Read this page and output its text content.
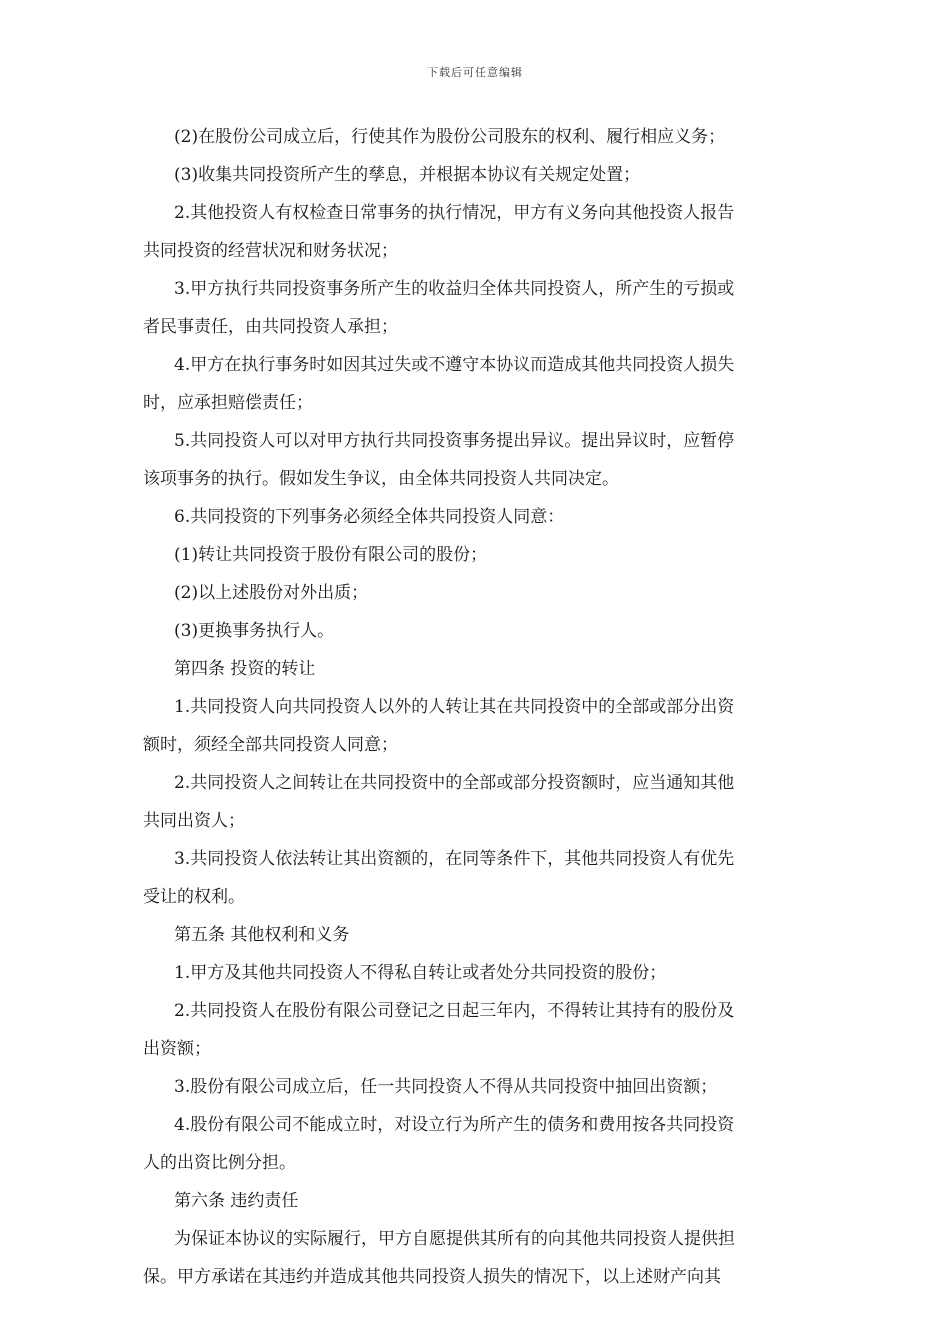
下载后可任意编辑
(2)在股份公司成立后，行使其作为股份公司股东的权利、履行相应义务；
(3)收集共同投资所产生的孳息，并根据本协议有关规定处置；
2.其他投资人有权检查日常事务的执行情况，甲方有义务向其他投资人报告
共同投资的经营状况和财务状况；
3.甲方执行共同投资事务所产生的收益归全体共同投资人，所产生的亏损或
者民事责任，由共同投资人承担；
4.甲方在执行事务时如因其过失或不遵守本协议而造成其他共同投资人损失
时，应承担赔偿责任；
5.共同投资人可以对甲方执行共同投资事务提出异议。提出异议时，应暂停
该项事务的执行。假如发生争议，由全体共同投资人共同决定。
6.共同投资的下列事务必须经全体共同投资人同意：
(1)转让共同投资于股份有限公司的股份；
(2)以上述股份对外出质；
(3)更换事务执行人。
第四条 投资的转让
1.共同投资人向共同投资人以外的人转让其在共同投资中的全部或部分出资
额时，须经全部共同投资人同意；
2.共同投资人之间转让在共同投资中的全部或部分投资额时，应当通知其他
共同出资人；
3.共同投资人依法转让其出资额的，在同等条件下，其他共同投资人有优先
受让的权利。
第五条 其他权利和义务
1.甲方及其他共同投资人不得私自转让或者处分共同投资的股份；
2.共同投资人在股份有限公司登记之日起三年内，不得转让其持有的股份及
出资额；
3.股份有限公司成立后，任一共同投资人不得从共同投资中抽回出资额；
4.股份有限公司不能成立时，对设立行为所产生的债务和费用按各共同投资
人的出资比例分担。
第六条 违约责任
为保证本协议的实际履行，甲方自愿提供其所有的向其他共同投资人提供担
保。甲方承诺在其违约并造成其他共同投资人损失的情况下，以上述财产向其
